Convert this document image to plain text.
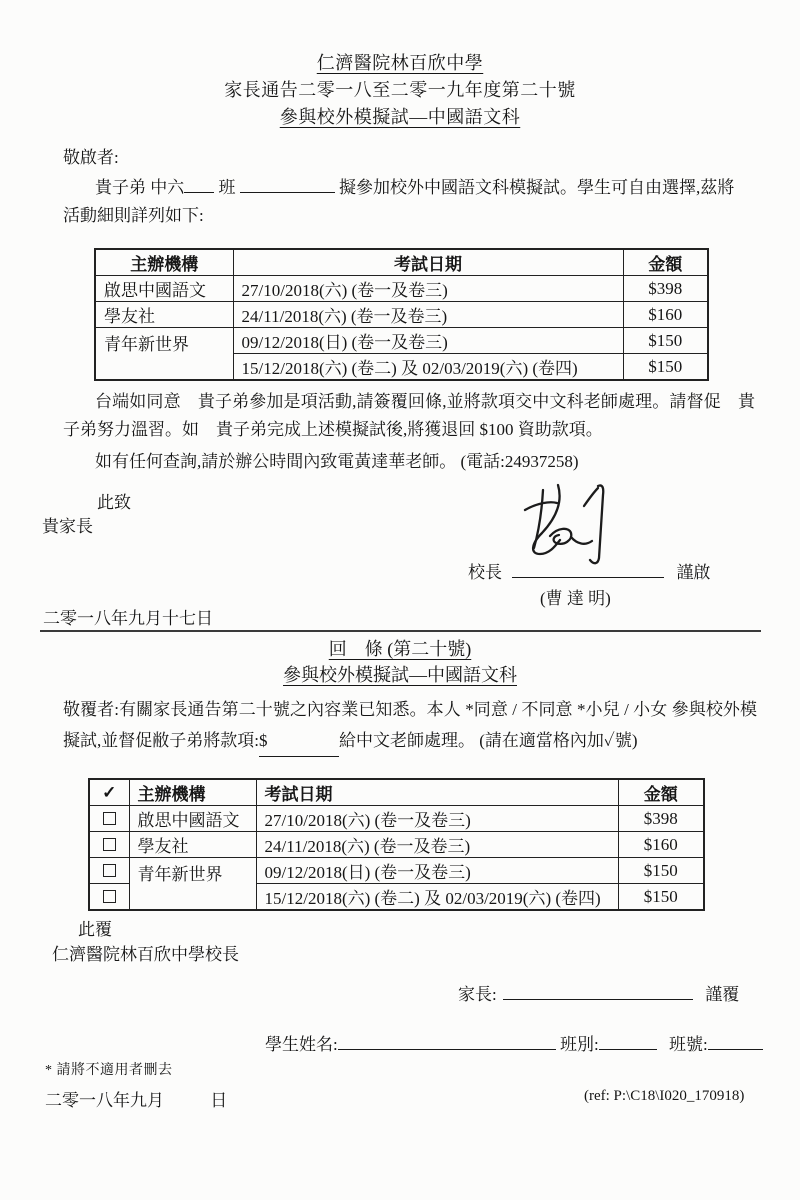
仁濟醫院林百欣中學
家長通告二零一八至二零一九年度第二十號
參與校外模擬試—中國語文科
敬啟者:

貴子弟 中六 班	擬參加校外中國語文科模擬試。學生可自由選擇,茲將
活動細則詳列如下:

主辦機構	考試日期	金額
啟思中國語文	27/10/2018(六) (卷一及卷三)	$398
學友社	24/11/2018(六) (卷一及卷三)	$160
青年新世界	09/12/2018(日) (卷一及卷三)	$150
	15/12/2018(六) (卷二) 及 02/03/2019(六) (卷四)	$150

台端如同意　貴子弟參加是項活動,請簽覆回條,並將款項交中文科老師處理。請督促　貴子弟努力溫習。如　貴子弟完成上述模擬試後,將獲退回 $100 資助款項。

如有任何查詢,請於辦公時間內致電黃達華老師。 (電話:24937258)

此致
貴家長
校長	謹啟
(曹 達 明)
二零一八年九月十七日
回　條 (第二十號)
參與校外模擬試—中國語文科

敬覆者:有關家長通告第二十號之內容業已知悉。本人 *同意 / 不同意 *小兒 / 小女 參與校外模擬試,並督促敝子弟將款項:$	給中文老師處理。 (請在適當格內加✓號)

✓	主辦機構	考試日期	金額
	啟思中國語文	27/10/2018(六) (卷一及卷三)	$398
	學友社	24/11/2018(六) (卷一及卷三)	$160
	青年新世界	09/12/2018(日) (卷一及卷三)	$150
		15/12/2018(六) (卷二) 及 02/03/2019(六) (卷四)	$150
此覆
仁濟醫院林百欣中學校長
家長:	謹覆
學生姓名:	班別:	班號:
* 請將不適用者刪去
二零一八年九月	日	(ref: P:\C18\I020_170918)
